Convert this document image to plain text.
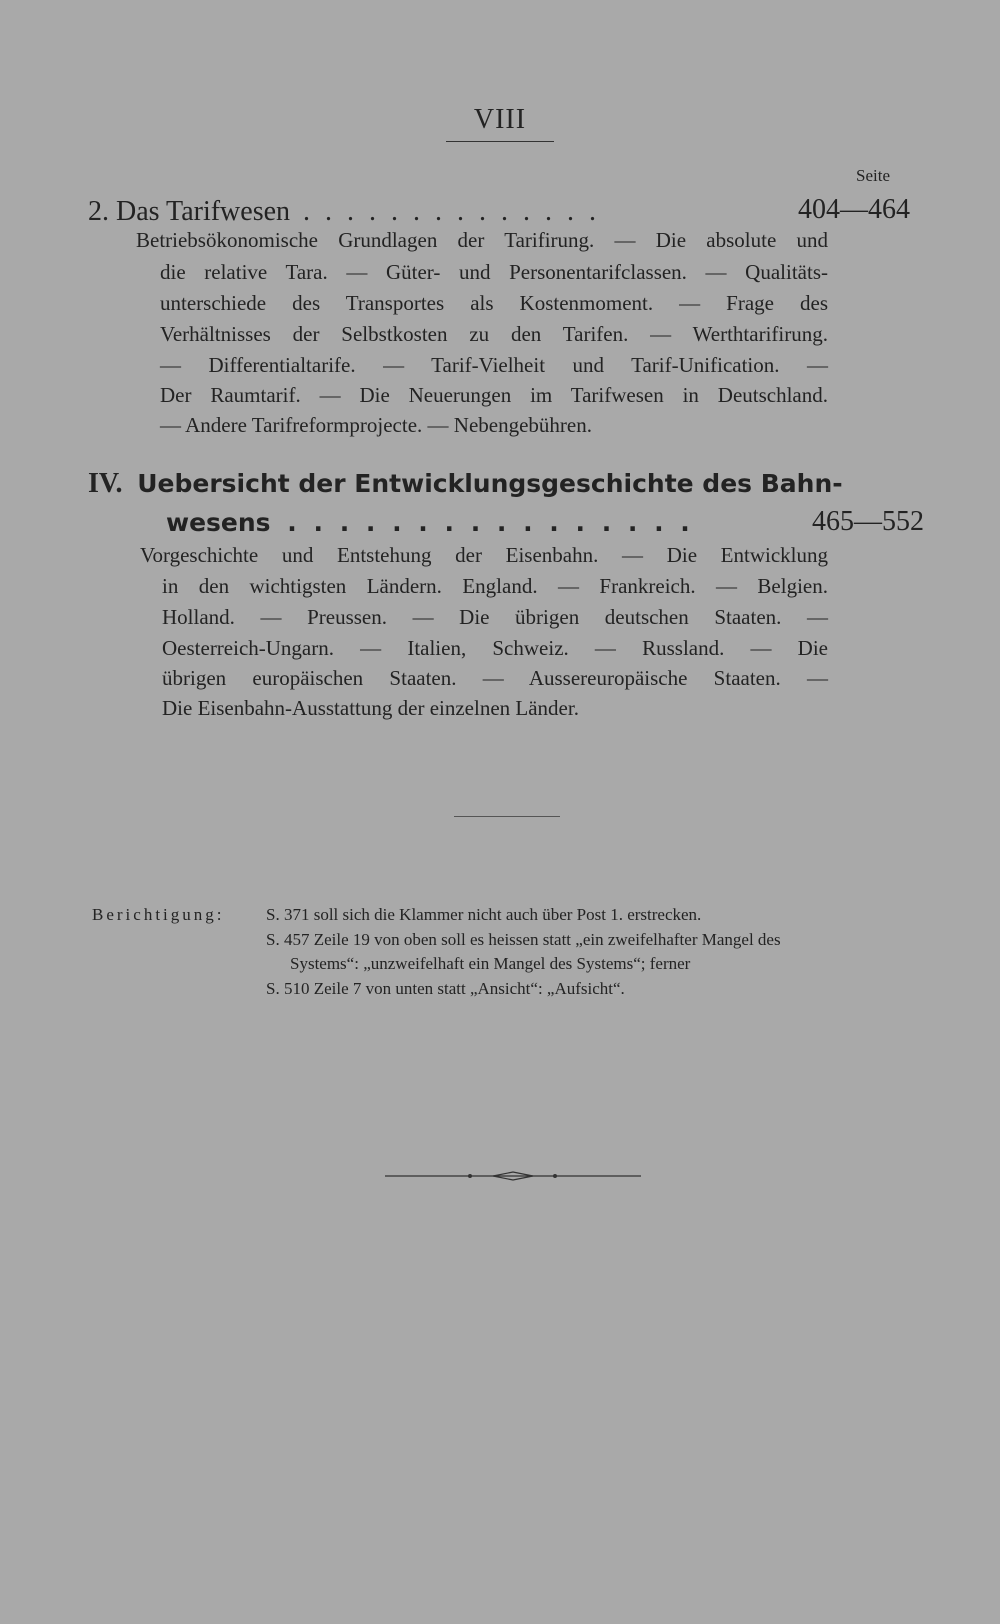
VIII
Seite
2. Das Tarifwesen . . . . . . . . . . . . . .	404—464
Betriebsökonomische Grundlagen der Tarifirung. — Die absolute und
die relative Tara. — Güter- und Personentarifclassen. — Qualitäts-
unterschiede des Transportes als Kostenmoment. — Frage des
Verhältnisses der Selbstkosten zu den Tarifen. — Werthtarifirung.
— Differentialtarife. — Tarif-Vielheit und Tarif-Unification. —
Der Raumtarif. — Die Neuerungen im Tarifwesen in Deutschland.
— Andere Tarifreformprojecte. — Nebengebühren.
IV. Uebersicht der Entwicklungsgeschichte des Bahn-
wesens . . . . . . . . . . . . . . . .	465—552
Vorgeschichte und Entstehung der Eisenbahn. — Die Entwicklung
in den wichtigsten Ländern. England. — Frankreich. — Belgien.
Holland. — Preussen. — Die übrigen deutschen Staaten. —
Oesterreich-Ungarn. — Italien, Schweiz. — Russland. — Die
übrigen europäischen Staaten. — Aussereuropäische Staaten. —
Die Eisenbahn-Ausstattung der einzelnen Länder.
Berichtigung: S. 371 soll sich die Klammer nicht auch über Post 1. erstrecken.
S. 457 Zeile 19 von oben soll es heissen statt „ein zweifelhafter Mangel des
Systems“: „unzweifelhaft ein Mangel des Systems“; ferner
S. 510 Zeile 7 von unten statt „Ansicht“: „Aufsicht“.
